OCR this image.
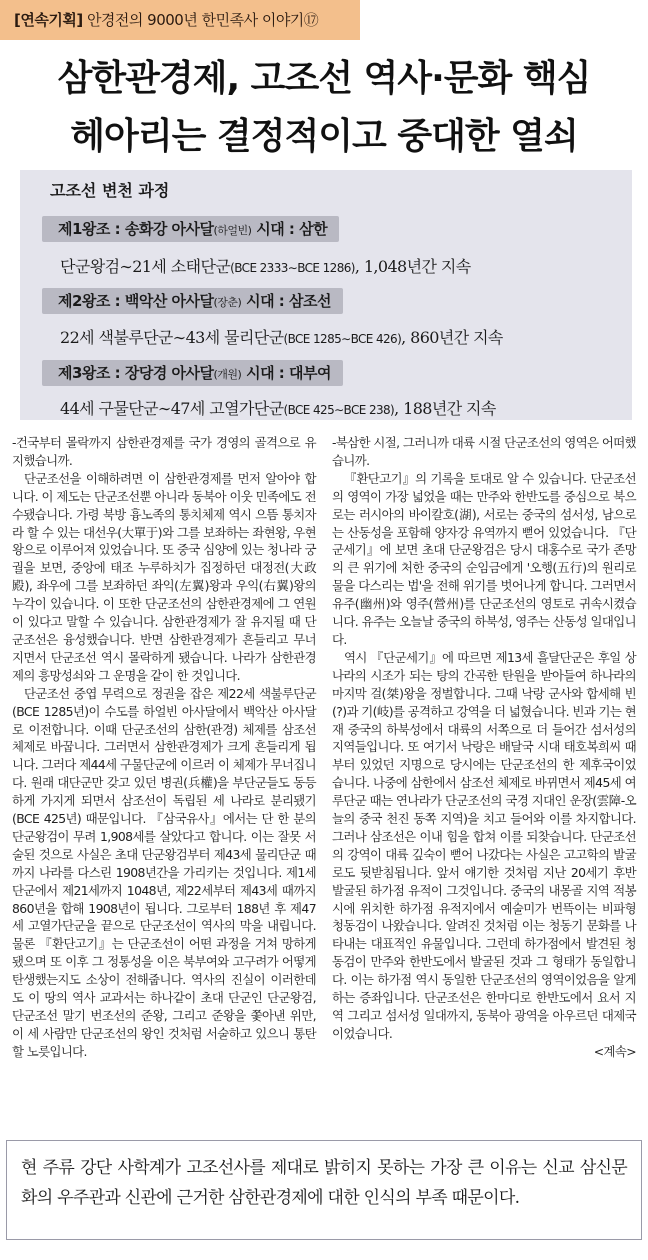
[연속기획] 안경전의 9000년 한민족사 이야기⑰
삼한관경제, 고조선 역사·문화 핵심
헤아리는 결정적이고 중대한 열쇠
고조선 변천 과정
제1왕조 : 송화강 아사달(하얼빈) 시대 : 삼한
단군왕검∼21세 소태단군(BCE 2333∼BCE 1286), 1,048년간 지속
제2왕조 : 백악산 아사달(장춘) 시대 : 삼조선
22세 색불루단군∼43세 물리단군(BCE 1285∼BCE 426), 860년간 지속
제3왕조 : 장당경 아사달(개원) 시대 : 대부여
44세 구물단군∼47세 고열가단군(BCE 425∼BCE 238), 188년간 지속

-건국부터 몰락까지 삼한관경제를 국가 경영의 골격으로 유지했습니까.

단군조선을 이해하려면 이 삼한관경제를 먼저 알아야 합니다. 이 제도는 단군조선뿐 아니라 동북아 이웃 민족에도 전수됐습니다. 가령 북방 흉노족의 통치체제 역시 으뜸 통치자라 할 수 있는 대선우(大單于)와 그를 보좌하는 좌현왕, 우현왕으로 이루어져 있었습니다. 또 중국 심양에 있는 청나라 궁궐을 보면, 중앙에 태조 누루하치가 집정하던 대정전(大政殿), 좌우에 그를 보좌하던 좌익(左翼)왕과 우익(右翼)왕의 누각이 있습니다. 이 또한 단군조선의 삼한관경제에 그 연원이 있다고 말할 수 있습니다. 삼한관경제가 잘 유지될 때 단군조선은 융성했습니다. 반면 삼한관경제가 흔들리고 무너지면서 단군조선 역시 몰락하게 됐습니다. 나라가 삼한관경제의 흥망성쇠와 그 운명을 같이 한 것입니다.

단군조선 중엽 무력으로 정권을 잡은 제22세 색불루단군(BCE 1285년)이 수도를 하얼빈 아사달에서 백악산 아사달로 이전합니다. 이때 단군조선의 삼한(관경) 체제를 삼조선 체제로 바꿉니다. 그러면서 삼한관경제가 크게 흔들리게 됩니다. 그러다 제44세 구물단군에 이르러 이 체제가 무너집니다. 원래 대단군만 갖고 있던 병권(兵權)을 부단군들도 동등하게 가지게 되면서 삼조선이 독립된 세 나라로 분리됐기(BCE 425년) 때문입니다. 『삼국유사』에서는 단 한 분의 단군왕검이 무려 1,908세를 살았다고 합니다. 이는 잘못 서술된 것으로 사실은 초대 단군왕검부터 제43세 물리단군 때까지 나라를 다스린 1908년간을 가리키는 것입니다. 제1세 단군에서 제21세까지 1048년, 제22세부터 제43세 때까지 860년을 합해 1908년이 됩니다. 그로부터 188년 후 제47세 고열가단군을 끝으로 단군조선이 역사의 막을 내립니다. 물론 『환단고기』는 단군조선이 어떤 과정을 거쳐 망하게 됐으며 또 이후 그 정통성을 이은 북부여와 고구려가 어떻게 탄생했는지도 소상이 전해줍니다. 역사의 진실이 이러한데도 이 땅의 역사 교과서는 하나같이 초대 단군인 단군왕검, 단군조선 말기 번조선의 준왕, 그리고 준왕을 쫓아낸 위만, 이 세 사람만 단군조선의 왕인 것처럼 서술하고 있으니 통탄할 노릇입니다.

-북삼한 시절, 그러니까 대륙 시절 단군조선의 영역은 어떠했습니까.

『환단고기』의 기록을 토대로 알 수 있습니다. 단군조선의 영역이 가장 넓었을 때는 만주와 한반도를 중심으로 북으로는 러시아의 바이칼호(湖), 서로는 중국의 섬서성, 남으로는 산동성을 포함해 양자강 유역까지 뻗어 있었습니다. 『단군세기』에 보면 초대 단군왕검은 당시 대홍수로 국가 존망의 큰 위기에 처한 중국의 순임금에게 '오행(五行)의 원리로 물을 다스리는 법'을 전해 위기를 벗어나게 합니다. 그러면서 유주(幽州)와 영주(營州)를 단군조선의 영토로 귀속시켰습니다. 유주는 오늘날 중국의 하북성, 영주는 산동성 일대입니다.

역시 『단군세기』에 따르면 제13세 흘달단군은 후일 상나라의 시조가 되는 탕의 간곡한 탄원을 받아들여 하나라의 마지막 걸(桀)왕을 정벌합니다. 그때 낙랑 군사와 합세해 빈(?)과 기(岐)를 공격하고 강역을 더 넓혔습니다. 빈과 기는 현재 중국의 하북성에서 대륙의 서쪽으로 더 들어간 섬서성의 지역들입니다. 또 여기서 낙랑은 배달국 시대 태호복희씨 때부터 있었던 지명으로 당시에는 단군조선의 한 제후국이었습니다. 나중에 삼한에서 삼조선 체제로 바뀌면서 제45세 여루단군 때는 연나라가 단군조선의 국경 지대인 운장(雲障-오늘의 중국 천진 동쪽 지역)을 치고 들어와 이를 차지합니다. 그러나 삼조선은 이내 힘을 합쳐 이를 되찾습니다. 단군조선의 강역이 대륙 깊숙이 뻗어 나갔다는 사실은 고고학의 발굴로도 뒷받침됩니다. 앞서 얘기한 것처럼 지난 20세기 후반 발굴된 하가점 유적이 그것입니다. 중국의 내몽골 지역 적봉시에 위치한 하가점 유적지에서 예술미가 번뜩이는 비파형 청동검이 나왔습니다. 알려진 것처럼 이는 청동기 문화를 나타내는 대표적인 유물입니다. 그런데 하가점에서 발견된 청동검이 만주와 한반도에서 발굴된 것과 그 형태가 동일합니다. 이는 하가점 역시 동일한 단군조선의 영역이었음을 알게 하는 증좌입니다. 단군조선은 한마디로 한반도에서 요서 지역 그리고 섬서성 일대까지, 동북아 광역을 아우르던 대제국이었습니다.

<계속>
현 주류 강단 사학계가 고조선사를 제대로 밝히지 못하는 가장 큰 이유는 신교 삼신문화의 우주관과 신관에 근거한 삼한관경제에 대한 인식의 부족 때문이다.
